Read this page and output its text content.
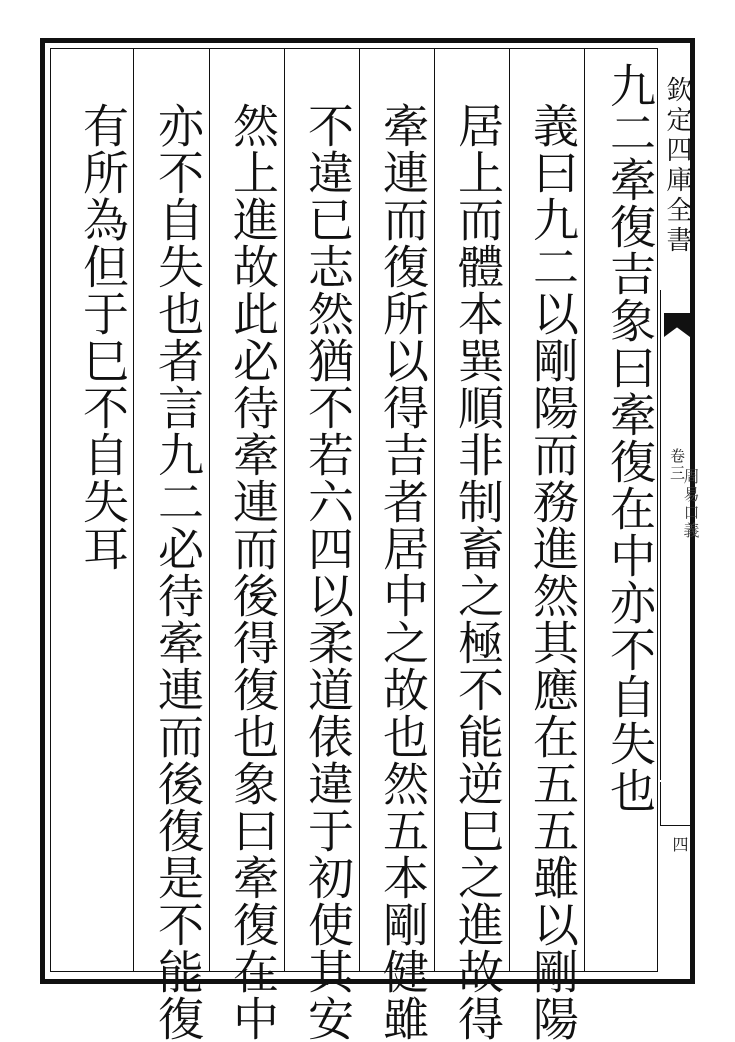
九二牽復吉象曰牽復在中亦不自失也
義曰九二以剛陽而務進然其應在五五雖以剛陽
居上而體本巽順非制畜之極不能逆巳之進故得
牽連而復所以得吉者居中之故也然五本剛健雖
不違已志然猶不若六四以柔道俵違于初使其安
然上進故此必待牽連而後得復也象曰牽復在中
亦不自失也者言九二必待牽連而後復是不能復
有所為但于巳不自失耳	欽定四庫全書
卷三
周易口義
四
